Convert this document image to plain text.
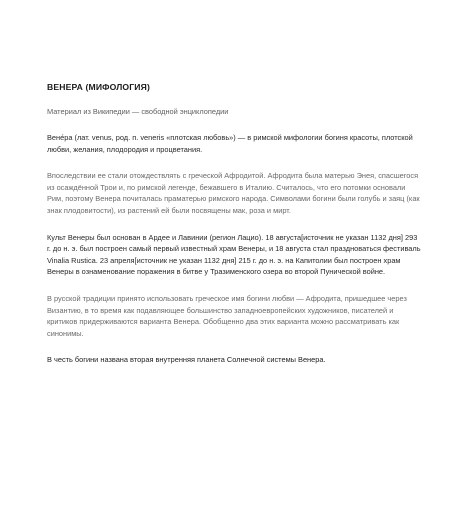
ВЕНЕРА (МИФОЛОГИЯ)
Материал из Википедии — свободной энциклопедии

Вене́ра (лат. venus, род. п. veneris «плотская любовь») — в римской мифологии богиня красоты, плотской любви, желания, плодородия и процветания.

Впоследствии ее стали отождествлять с греческой Афродитой. Афродита была матерью Энея, спасшегося из осаждённой Трои и, по римской легенде, бежавшего в Италию. Считалось, что его потомки основали Рим, поэтому Венера почиталась праматерью римского народа. Символами богини были голубь и заяц (как знак плодовитости), из растений ей были посвящены мак, роза и мирт.

Культ Венеры был основан в Ардее и Лавинии (регион Лацио). 18 августа[источник не указан 1132 дня] 293 г. до н. э. был построен самый первый известный храм Венеры, и 18 августа стал праздноваться фестиваль Vinalia Rustica. 23 апреля[источник не указан 1132 дня] 215 г. до н. э. на Капитолии был построен храм Венеры в ознаменование поражения в битве у Тразименского озера во второй Пунической войне.

В русской традиции принято использовать греческое имя богини любви — Афродита, пришедшее через Византию, в то время как подавляющее большинство западноевропейских художников, писателей и критиков придерживаются варианта Венера. Обобщенно два этих варианта можно рассматривать как синонимы.

В честь богини названа вторая внутренняя планета Солнечной системы Венера.
